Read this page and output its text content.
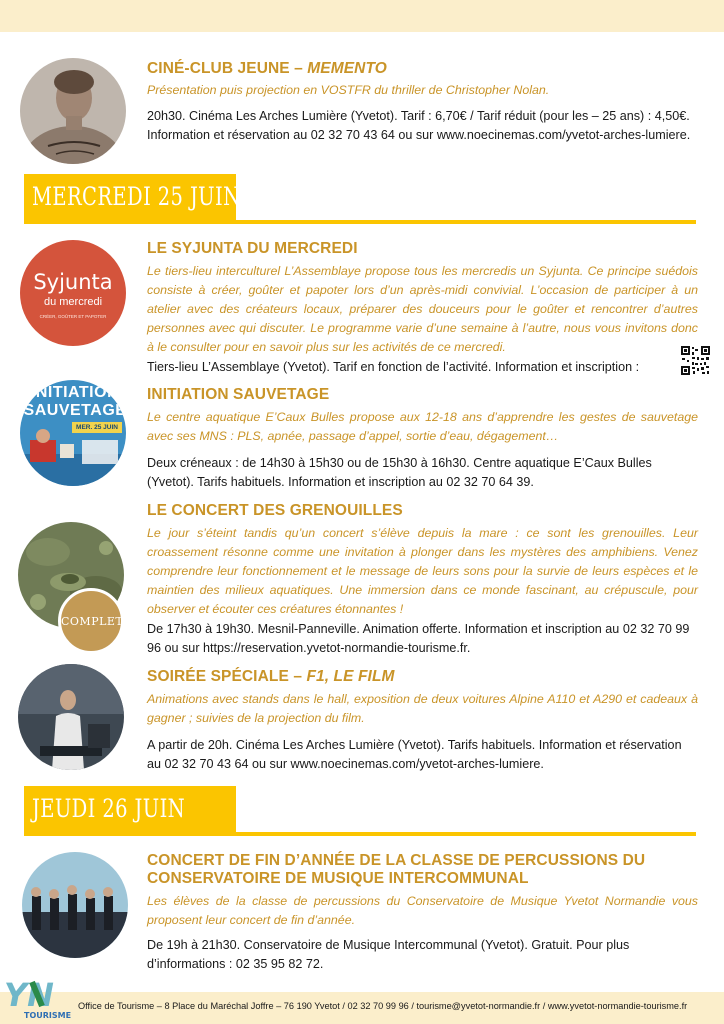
CINÉ-CLUB JEUNE – MEMENTO
Présentation puis projection en VOSTFR du thriller de Christopher Nolan.
20h30. Cinéma Les Arches Lumière (Yvetot). Tarif : 6,70€ / Tarif réduit (pour les – 25 ans) : 4,50€. Information et réservation au 02 32 70 43 64 ou sur www.noecinemas.com/yvetot-arches-lumiere.
MERCREDI 25 JUIN
Syjunta
du mercredi
CRÉER, GOÛTER ET PAPOTER
LE SYJUNTA DU MERCREDI
Le tiers-lieu interculturel L’Assemblaye propose tous les mercredis un Syjunta. Ce principe suédois consiste à créer, goûter et papoter lors d’un après-midi convivial. L’occasion de participer à un atelier avec des créateurs locaux, préparer des douceurs pour le goûter et rencontrer d’autres personnes avec qui discuter. Le programme varie d’une semaine à l’autre, nous vous invitons donc à le consulter pour en savoir plus sur les activités de ce mercredi.
Tiers-lieu L’Assemblaye (Yvetot). Tarif en fonction de l’activité. Information et inscription :
INITIATION
SAUVETAGE
MER. 25 JUIN
INITIATION SAUVETAGE
Le centre aquatique E’Caux Bulles propose aux 12-18 ans d’apprendre les gestes de sauvetage avec ses MNS : PLS, apnée, passage d’appel, sortie d’eau, dégagement…
Deux créneaux : de 14h30 à 15h30 ou de 15h30 à 16h30. Centre aquatique E’Caux Bulles (Yvetot). Tarifs habituels. Information et inscription au 02 32 70 64 39.
COMPLET
LE CONCERT DES GRENOUILLES
Le jour s’éteint tandis qu’un concert s’élève depuis la mare : ce sont les grenouilles. Leur croassement résonne comme une invitation à plonger dans les mystères des amphibiens. Venez comprendre leur fonctionnement et le message de leurs sons pour la survie de leurs espèces et le maintien des milieux aquatiques. Une immersion dans ce monde fascinant, au crépuscule, pour observer et écouter ces créatures étonnantes !
De 17h30 à 19h30. Mesnil-Panneville. Animation offerte. Information et inscription au 02 32 70 99 96 ou sur https://reservation.yvetot-normandie-tourisme.fr.
SOIRÉE SPÉCIALE – F1, LE FILM
Animations avec stands dans le hall, exposition de deux voitures Alpine A110 et A290 et cadeaux à gagner ; suivies de la projection du film.
A partir de 20h. Cinéma Les Arches Lumière (Yvetot). Tarifs habituels. Information et réservation au 02 32 70 43 64 ou sur www.noecinemas.com/yvetot-arches-lumiere.
JEUDI 26 JUIN
CONCERT DE FIN D’ANNÉE DE LA CLASSE DE PERCUSSIONS DU CONSERVATOIRE DE MUSIQUE INTERCOMMUNAL
Les élèves de la classe de percussions du Conservatoire de Musique Yvetot Normandie vous proposent leur concert de fin d’année.
De 19h à 21h30. Conservatoire de Musique Intercommunal (Yvetot). Gratuit. Pour plus d’informations : 02 35 95 82 72.
Office de Tourisme – 8 Place du Maréchal Joffre – 76 190 Yvetot / 02 32 70 99 96 / tourisme@yvetot-normandie.fr / www.yvetot-normandie-tourisme.fr
YN
TOURISME
